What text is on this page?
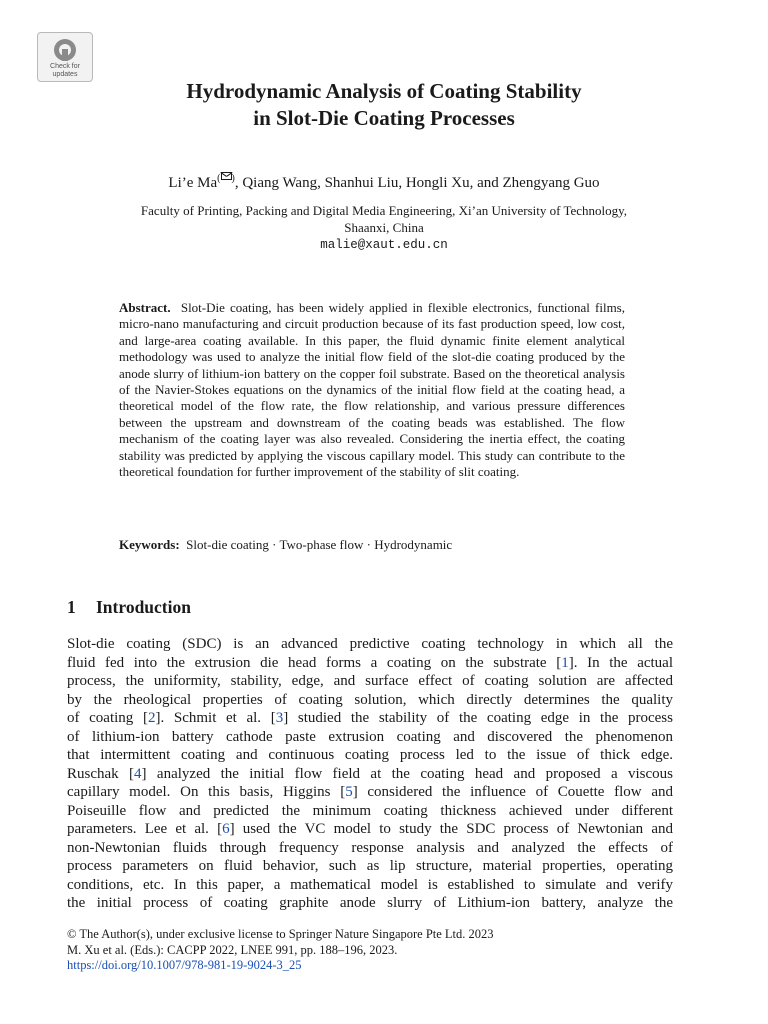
Check for
updates
Hydrodynamic Analysis of Coating Stability
in Slot-Die Coating Processes
Li’e Ma( ), Qiang Wang, Shanhui Liu, Hongli Xu, and Zhengyang Guo
Faculty of Printing, Packing and Digital Media Engineering, Xi’an University of Technology,
Shaanxi, China
malie@xaut.edu.cn
Abstract. Slot-Die coating, has been widely applied in flexible electronics, functional films, micro-nano manufacturing and circuit production because of its fast production speed, low cost, and large-area coating available. In this paper, the fluid dynamic finite element analytical methodology was used to analyze the initial flow field of the slot-die coating produced by the anode slurry of lithium-ion battery on the copper foil substrate. Based on the theoretical analysis of the Navier-Stokes equations on the dynamics of the initial flow field at the coating head, a theoretical model of the flow rate, the flow relationship, and various pressure differences between the upstream and downstream of the coating beads was established. The flow mechanism of the coating layer was also revealed. Considering the inertia effect, the coating stability was predicted by applying the viscous capillary model. This study can contribute to the theoretical foundation for further improvement of the stability of slit coating.
Keywords: Slot-die coating · Two-phase flow · Hydrodynamic
1 Introduction
Slot-die coating (SDC) is an advanced predictive coating technology in which all the
fluid fed into the extrusion die head forms a coating on the substrate [1]. In the actual
process, the uniformity, stability, edge, and surface effect of coating solution are affected
by the rheological properties of coating solution, which directly determines the quality
of coating [2]. Schmit et al. [3] studied the stability of the coating edge in the process
of lithium-ion battery cathode paste extrusion coating and discovered the phenomenon
that intermittent coating and continuous coating process led to the issue of thick edge.
Ruschak [4] analyzed the initial flow field at the coating head and proposed a viscous
capillary model. On this basis, Higgins [5] considered the influence of Couette flow and
Poiseuille flow and predicted the minimum coating thickness achieved under different
parameters. Lee et al. [6] used the VC model to study the SDC process of Newtonian and
non-Newtonian fluids through frequency response analysis and analyzed the effects of
process parameters on fluid behavior, such as lip structure, material properties, operating
conditions, etc. In this paper, a mathematical model is established to simulate and verify
the initial process of coating graphite anode slurry of Lithium-ion battery, analyze the
© The Author(s), under exclusive license to Springer Nature Singapore Pte Ltd. 2023
M. Xu et al. (Eds.): CACPP 2022, LNEE 991, pp. 188–196, 2023.
https://doi.org/10.1007/978-981-19-9024-3_25
